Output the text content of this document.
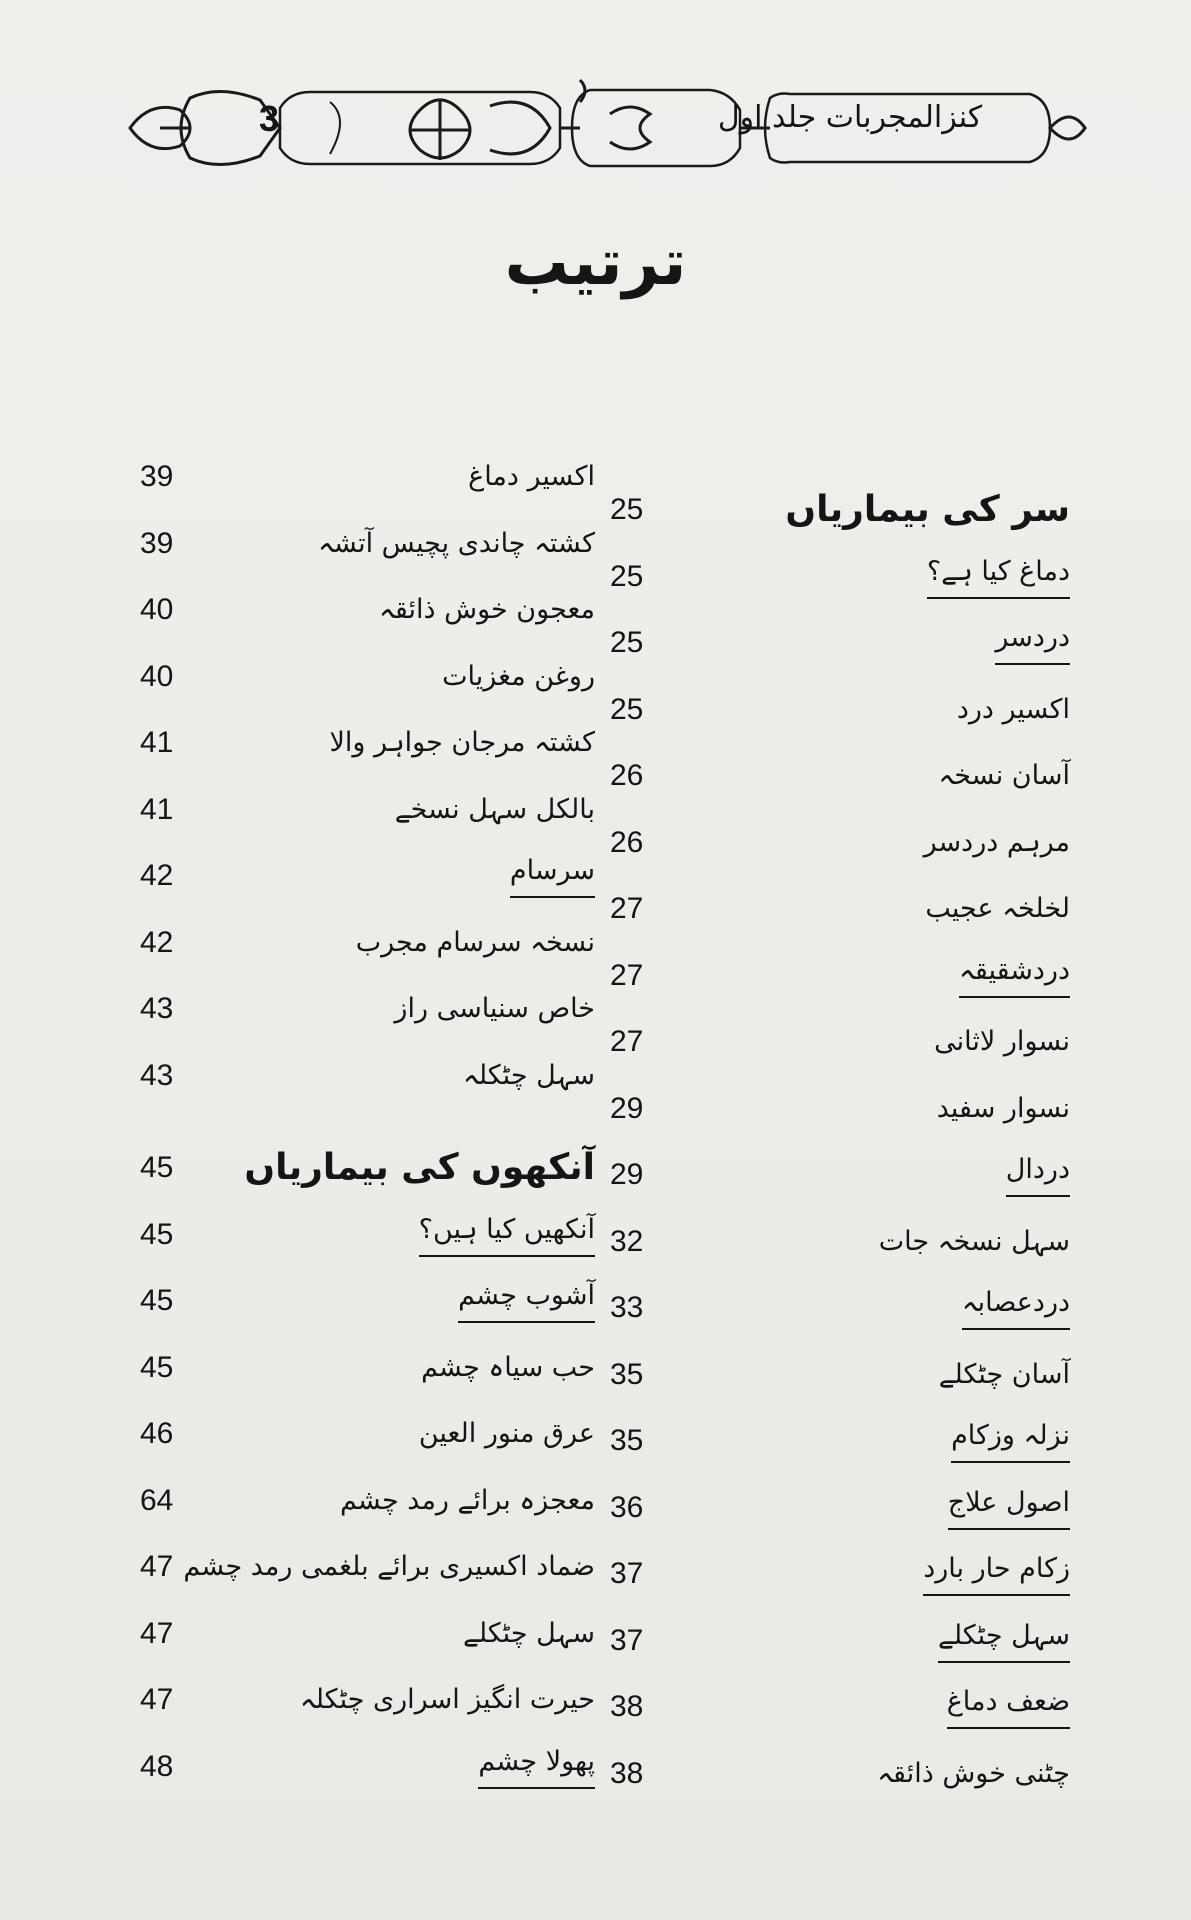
3	کنزالمجربات جلد اول
ترتیب
25	سر کی بیماریاں
25	دماغ کیا ہے؟
25	دردسر
25	اکسیر درد
26	آسان نسخہ
26	مرہم دردسر
27	لخلخہ عجیب
27	دردشقیقہ
27	نسوار لاثانی
29	نسوار سفید
29	دردال
32	سہل نسخہ جات
33	دردعصابہ
35	آسان چٹکلے
35	نزلہ وزکام
36	اصول علاج
37	زکام حار بارد
37	سہل چٹکلے
38	ضعف دماغ
38	چٹنی خوش ذائقہ
39	اکسیر دماغ
39	کشتہ چاندی پچیس آتشہ
40	معجون خوش ذائقہ
40	روغن مغزیات
41	کشتہ مرجان جواہر والا
41	بالکل سہل نسخے
42	سرسام
42	نسخہ سرسام مجرب
43	خاص سنیاسی راز
43	سہل چٹکلہ
45	آنکھوں کی بیماریاں
45	آنکھیں کیا ہیں؟
45	آشوب چشم
45	حب سیاہ چشم
46	عرق منور العین
64	معجزہ برائے رمد چشم
47 ضماد اکسیری برائے بلغمی رمد چشم
47	سہل چٹکلے
47	حیرت انگیز اسراری چٹکلہ
48	پھولا چشم
